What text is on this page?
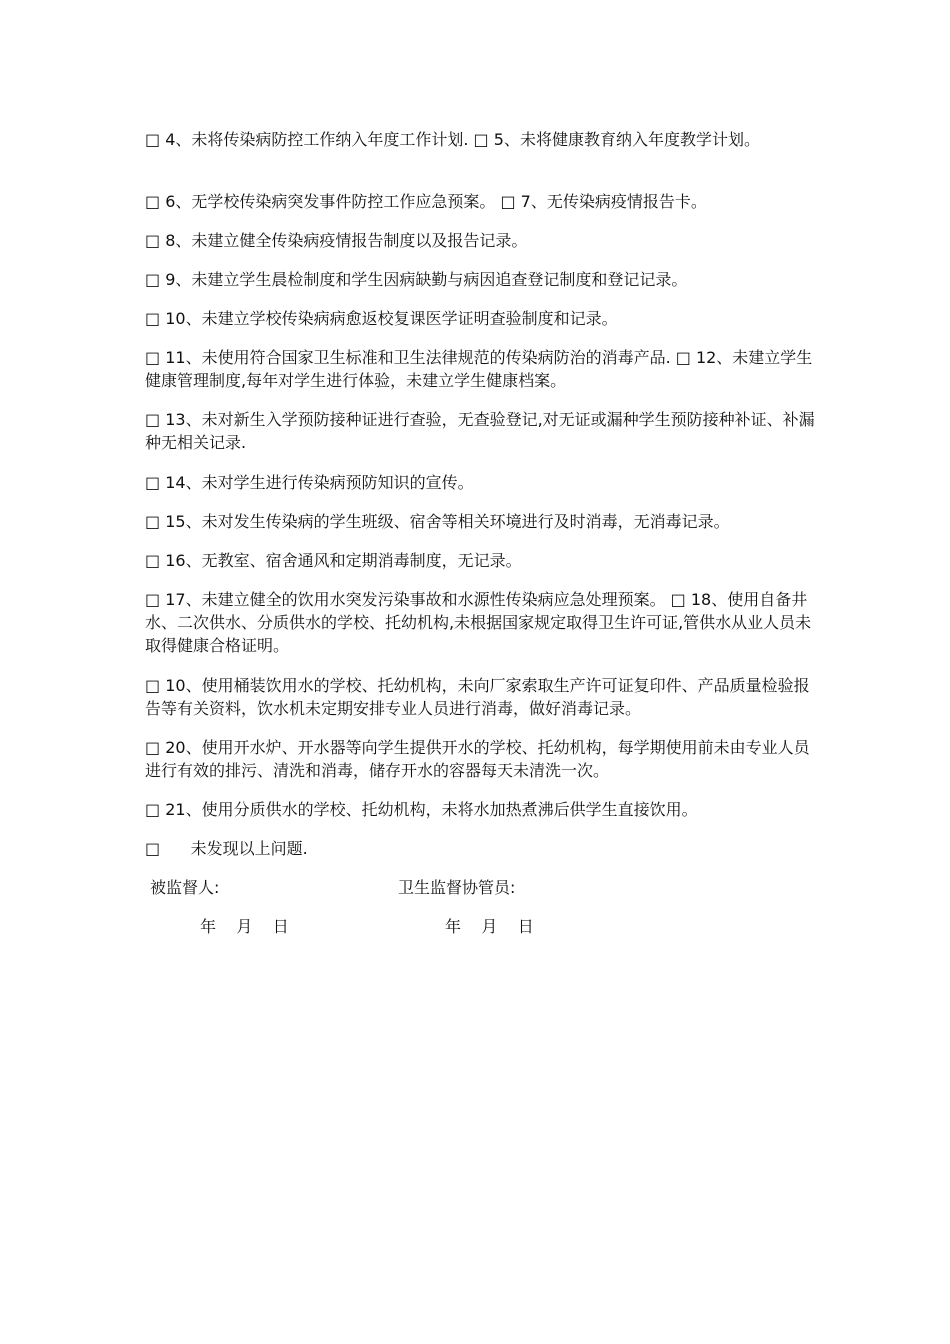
□ 4、未将传染病防控工作纳入年度工作计划. □ 5、未将健康教育纳入年度教学计划。
□ 6、无学校传染病突发事件防控工作应急预案。 □ 7、无传染病疫情报告卡。
□ 8、未建立健全传染病疫情报告制度以及报告记录。
□ 9、未建立学生晨检制度和学生因病缺勤与病因追查登记制度和登记记录。
□ 10、未建立学校传染病病愈返校复课医学证明查验制度和记录。
□ 11、未使用符合国家卫生标准和卫生法律规范的传染病防治的消毒产品. □ 12、未建立学生健康管理制度,每年对学生进行体验，未建立学生健康档案。
□ 13、未对新生入学预防接种证进行查验，无查验登记,对无证或漏种学生预防接种补证、补漏种无相关记录.
□ 14、未对学生进行传染病预防知识的宣传。
□ 15、未对发生传染病的学生班级、宿舍等相关环境进行及时消毒，无消毒记录。
□ 16、无教室、宿舍通风和定期消毒制度，无记录。
□ 17、未建立健全的饮用水突发污染事故和水源性传染病应急处理预案。 □ 18、使用自备井水、二次供水、分质供水的学校、托幼机构,未根据国家规定取得卫生许可证,管供水从业人员未取得健康合格证明。
□ 10、使用桶装饮用水的学校、托幼机构，未向厂家索取生产许可证复印件、产品质量检验报告等有关资料，饮水机未定期安排专业人员进行消毒，做好消毒记录。
□ 20、使用开水炉、开水器等向学生提供开水的学校、托幼机构，每学期使用前未由专业人员进行有效的排污、清洗和消毒，储存开水的容器每天未清洗一次。
□ 21、使用分质供水的学校、托幼机构，未将水加热煮沸后供学生直接饮用。
□      未发现以上问题.
被监督人:	卫生监督协管员:
年    月    日	年    月    日
